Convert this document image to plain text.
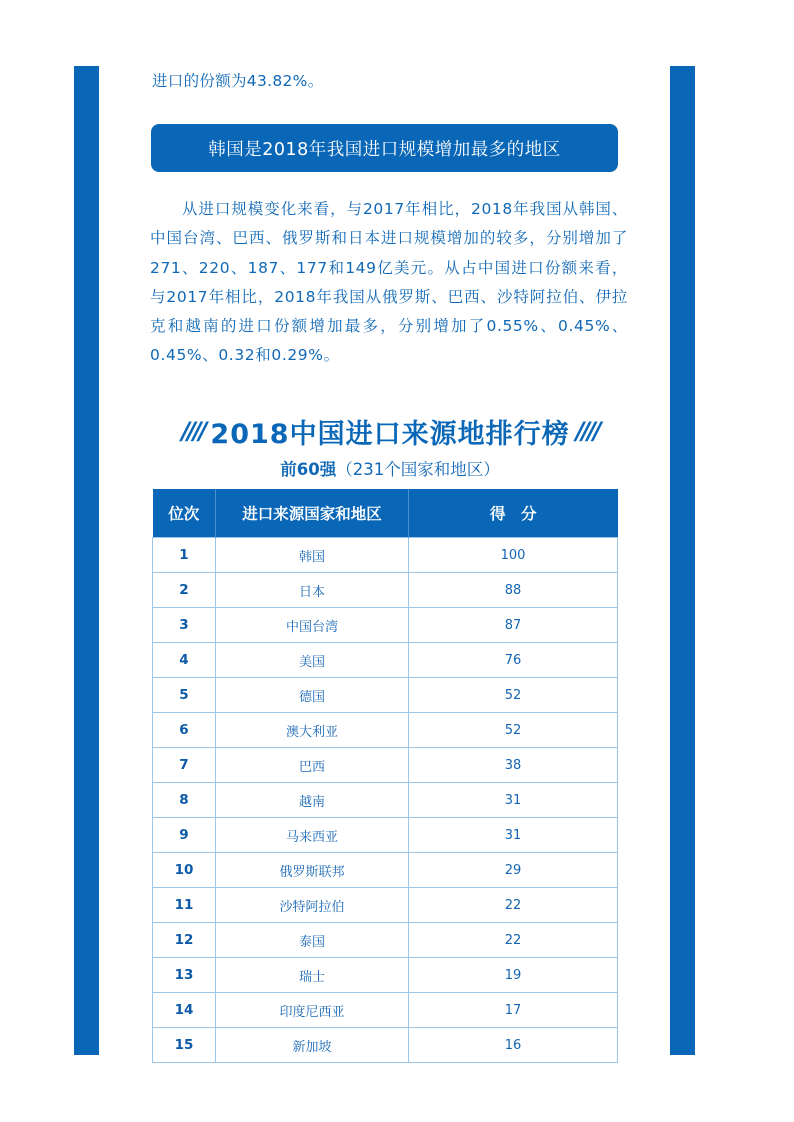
进口的份额为43.82%。
韩国是2018年我国进口规模增加最多的地区

从进口规模变化来看，与2017年相比，2018年我国从韩国、中国台湾、巴西、俄罗斯和日本进口规模增加的较多，分别增加了271、220、187、177和149亿美元。从占中国进口份额来看，与2017年相比，2018年我国从俄罗斯、巴西、沙特阿拉伯、伊拉克和越南的进口份额增加最多，分别增加了0.55%、0.45%、0.45%、0.32和0.29%。

//// 2018中国进口来源地排行榜 ////
前60强（231个国家和地区）
位次	进口来源国家和地区	得　分
1	韩国	100
2	日本	88
3	中国台湾	87
4	美国	76
5	德国	52
6	澳大利亚	52
7	巴西	38
8	越南	31
9	马来西亚	31
10	俄罗斯联邦	29
11	沙特阿拉伯	22
12	泰国	22
13	瑞士	19
14	印度尼西亚	17
15	新加坡	16
